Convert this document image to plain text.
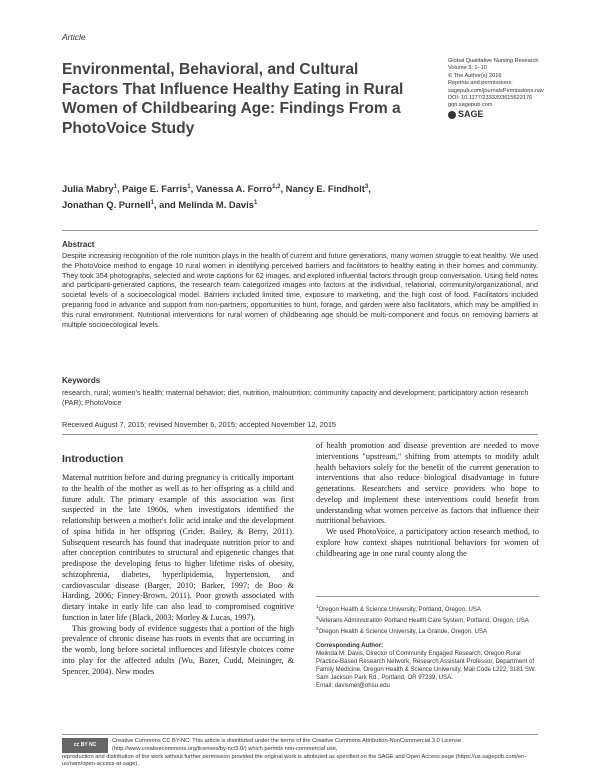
Article
Environmental, Behavioral, and Cultural Factors That Influence Healthy Eating in Rural Women of Childbearing Age: Findings From a PhotoVoice Study
Global Qualitative Nursing Research
Volume 3: 1–10
© The Author(s) 2016
Reprints and permissions:
sagepub.com/journalsPermissions.nav
DOI: 10.1177/2333393615622176
gqn.sagepub.com
SAGE
Julia Mabry$^1$, Paige E. Farris$^1$, Vanessa A. Forro$^{1,2}$, Nancy E. Findholt$^3$,
Jonathan Q. Purnell$^1$, and Melinda M. Davis$^1$
Abstract
Despite increasing recognition of the role nutrition plays in the health of current and future generations, many women struggle to eat healthy. We used the PhotoVoice method to engage 10 rural women in identifying perceived barriers and facilitators to healthy eating in their homes and community. They took 354 photographs, selected and wrote captions for 62 images, and explored influential factors through group conversation. Using field notes and participant-generated captions, the research team categorized images into factors at the individual, relational, community/organizational, and societal levels of a socioecological model. Barriers included limited time, exposure to marketing, and the high cost of food. Facilitators included preparing food in advance and support from non-partners; opportunities to hunt, forage, and garden were also facilitators, which may be amplified in this rural environment. Nutritional interventions for rural women of childbearing age should be multi-component and focus on removing barriers at multiple socioecological levels.
Keywords
research, rural; women's health; maternal behavior; diet, nutrition, malnutrition; community capacity and development; participatory action research (PAR); PhotoVoice
Received August 7, 2015; revised November 6, 2015; accepted November 12, 2015
Introduction

Maternal nutrition before and during pregnancy is critically important to the health of the mother as well as to her offspring as a child and future adult. The primary example of this association was first suspected in the late 1960s, when investigators identified the relationship between a mother's folic acid intake and the development of spina bifida in her offspring (Crider, Bailey, & Berry, 2011). Subsequent research has found that inadequate nutrition prior to and after conception contributes to structural and epigenetic changes that predispose the developing fetus to higher lifetime risks of obesity, schizophrenia, diabetes, hyperlipidemia, hypertension, and cardiovascular disease (Barger, 2010; Barker, 1997; de Boo & Harding, 2006; Finney-Brown, 2011). Poor growth associated with dietary intake in early life can also lead to compromised cognitive function in later life (Black, 2003; Morley & Lucas, 1997).

This growing body of evidence suggests that a portion of the high prevalence of chronic disease has roots in events that are occurring in the womb, long before societal influences and lifestyle choices come into play for the affected adults (Wu, Bazer, Cudd, Meininger, & Spencer, 2004). New modes

of health promotion and disease prevention are needed to move interventions "upstream," shifting from attempts to modify adult health behaviors solely for the benefit of the current generation to interventions that also reduce biological disadvantage in future generations. Researchers and service providers who hope to develop and implement these interventions could benefit from understanding what women perceive as factors that influence their nutritional behaviors.

We used PhotoVoice, a participatory action research method, to explore how context shapes nutritional behaviors for women of childbearing age in one rural county along the

$^1$Oregon Health & Science University, Portland, Oregon, USA
$^2$Veterans Administration Portland Health Care System, Portland, Oregon, USA
$^3$Oregon Health & Science University, La Grande, Oregon, USA
Corresponding Author:
Melinda M. Davis, Director of Community Engaged Research, Oregon Rural Practice-Based Research Network, Research Assistant Professor, Department of Family Medicine, Oregon Health & Science University, Mail Code L222, 3181 SW. Sam Jackson Park Rd., Portland, OR 97239, USA.
Email: davismel@ohsu.edu
cc BY NCCreative Commons CC BY-NC: This article is distributed under the terms of the Creative Commons Attribution-NonCommercial 3.0 License (http://www.creativecommons.org/licenses/by-nc/3.0/) which permits non-commercial use,
reproduction and distribution of the work without further permission provided the original work is attributed as specified on the SAGE and Open Access page (https://us.sagepub.com/en-us/nam/open-access-at-sage).
